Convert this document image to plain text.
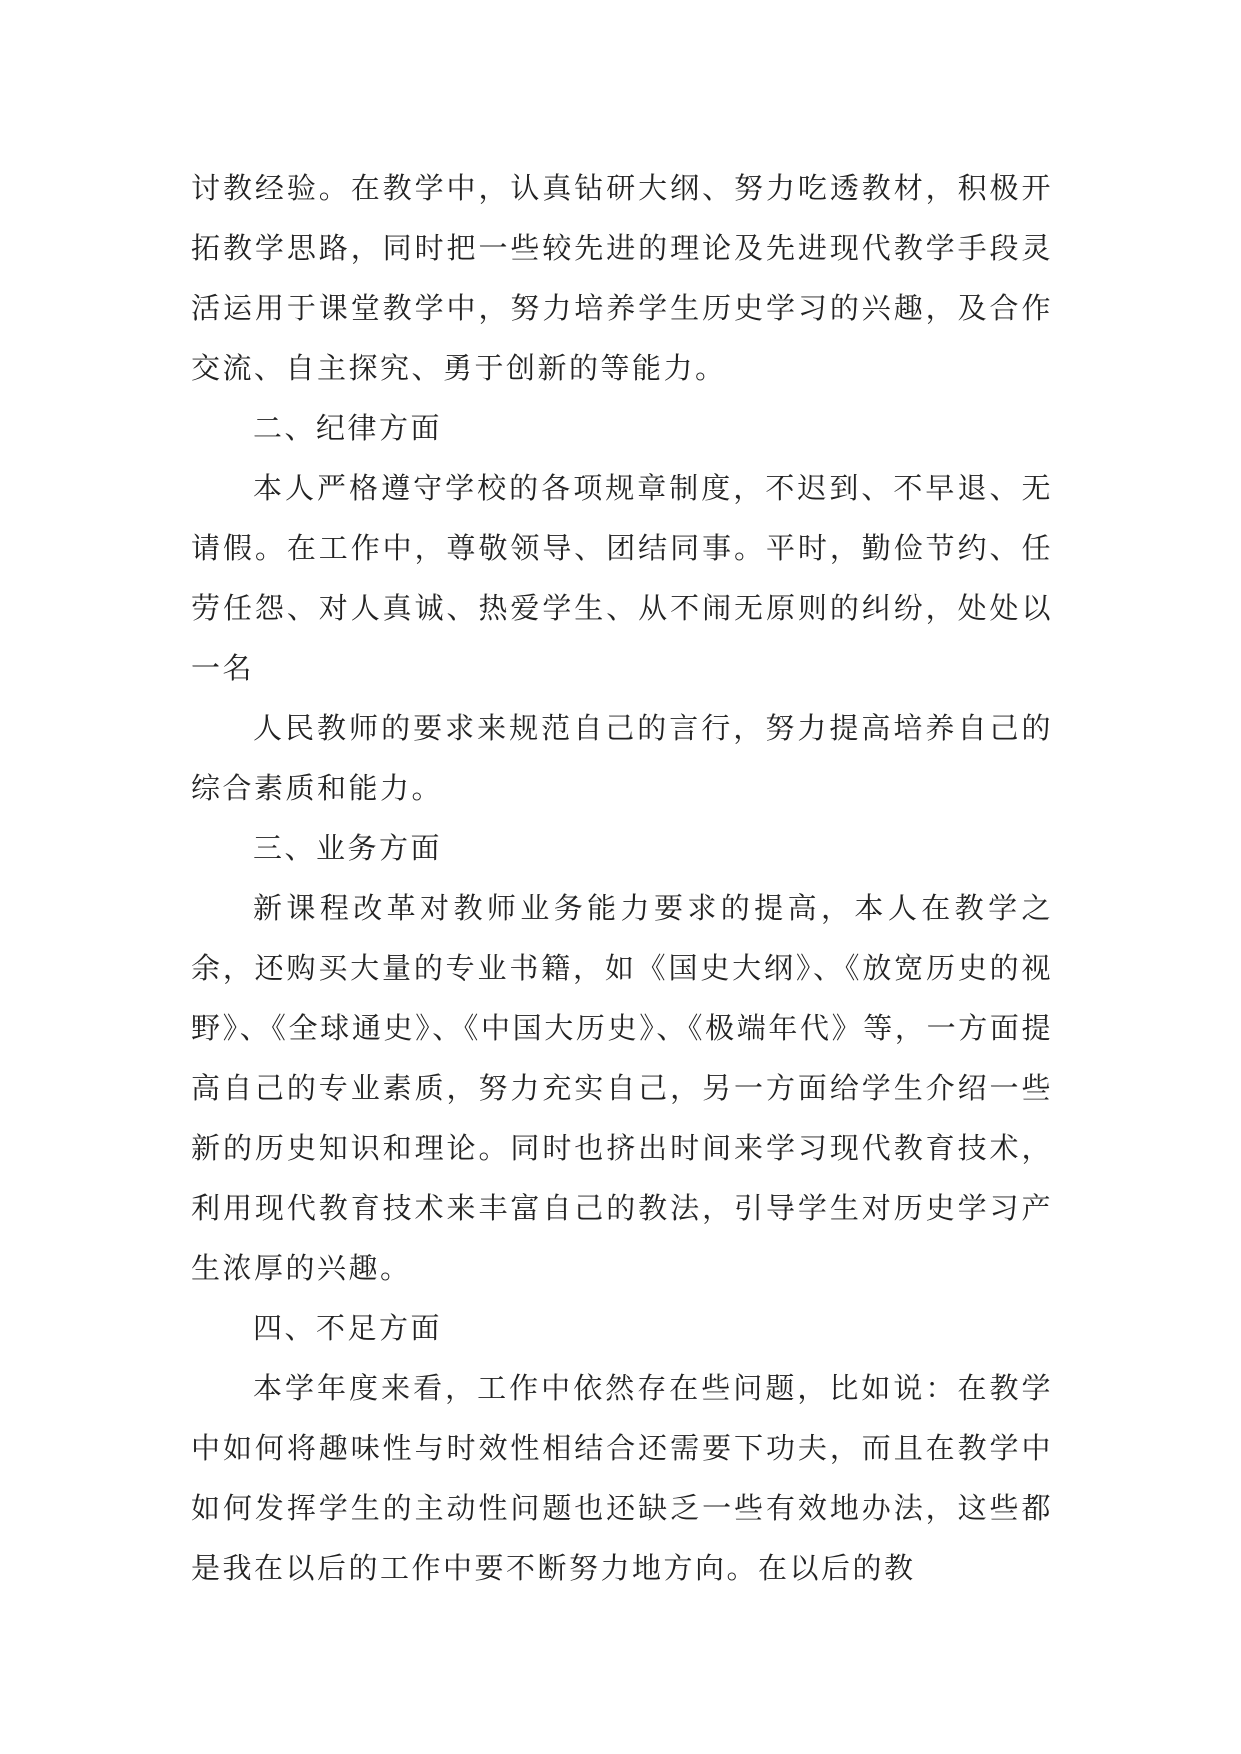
讨教经验。在教学中，认真钻研大纲、努力吃透教材，积极开拓教学思路，同时把一些较先进的理论及先进现代教学手段灵活运用于课堂教学中，努力培养学生历史学习的兴趣，及合作交流、自主探究、勇于创新的等能力。

二、纪律方面

本人严格遵守学校的各项规章制度，不迟到、不早退、无请假。在工作中，尊敬领导、团结同事。平时，勤俭节约、任劳任怨、对人真诚、热爱学生、从不闹无原则的纠纷，处处以一名

人民教师的要求来规范自己的言行，努力提高培养自己的综合素质和能力。

三、业务方面

新课程改革对教师业务能力要求的提高，本人在教学之余，还购买大量的专业书籍，如《国史大纲》、《放宽历史的视野》、《全球通史》、《中国大历史》、《极端年代》等，一方面提高自己的专业素质，努力充实自己，另一方面给学生介绍一些新的历史知识和理论。同时也挤出时间来学习现代教育技术，利用现代教育技术来丰富自己的教法，引导学生对历史学习产生浓厚的兴趣。

四、不足方面

本学年度来看，工作中依然存在些问题，比如说：在教学中如何将趣味性与时效性相结合还需要下功夫，而且在教学中如何发挥学生的主动性问题也还缺乏一些有效地办法，这些都是我在以后的工作中要不断努力地方向。在以后的教
